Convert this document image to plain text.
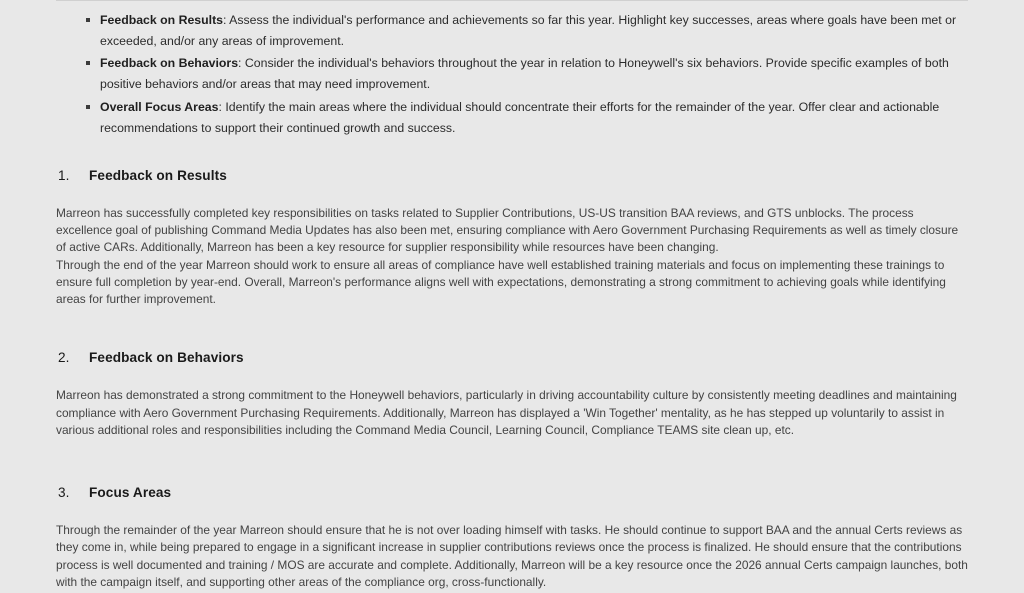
Feedback on Results: Assess the individual's performance and achievements so far this year. Highlight key successes, areas where goals have been met or exceeded, and/or any areas of improvement.
Feedback on Behaviors: Consider the individual's behaviors throughout the year in relation to Honeywell's six behaviors. Provide specific examples of both positive behaviors and/or areas that may need improvement.
Overall Focus Areas: Identify the main areas where the individual should concentrate their efforts for the remainder of the year. Offer clear and actionable recommendations to support their continued growth and success.
1.	Feedback on Results

Marreon has successfully completed key responsibilities on tasks related to Supplier Contributions, US-US transition BAA reviews, and GTS unblocks. The process excellence goal of publishing Command Media Updates has also been met, ensuring compliance with Aero Government Purchasing Requirements as well as timely closure of active CARs. Additionally, Marreon has been a key resource for supplier responsibility while resources have been changing.

Through the end of the year Marreon should work to ensure all areas of compliance have well established training materials and focus on implementing these trainings to ensure full completion by year-end. Overall, Marreon's performance aligns well with expectations, demonstrating a strong commitment to achieving goals while identifying areas for further improvement.

2.	Feedback on Behaviors

Marreon has demonstrated a strong commitment to the Honeywell behaviors, particularly in driving accountability culture by consistently meeting deadlines and maintaining compliance with Aero Government Purchasing Requirements. Additionally, Marreon has displayed a 'Win Together' mentality, as he has stepped up voluntarily to assist in various additional roles and responsibilities including the Command Media Council, Learning Council, Compliance TEAMS site clean up, etc.

3.	Focus Areas

Through the remainder of the year Marreon should ensure that he is not over loading himself with tasks. He should continue to support BAA and the annual Certs reviews as they come in, while being prepared to engage in a significant increase in supplier contributions reviews once the process is finalized. He should ensure that the contributions process is well documented and training / MOS are accurate and complete. Additionally, Marreon will be a key resource once the 2026 annual Certs campaign launches, both with the campaign itself, and supporting other areas of the compliance org, cross-functionally.
